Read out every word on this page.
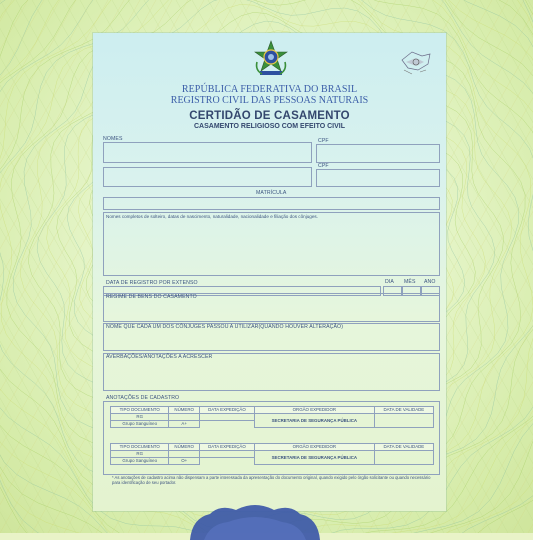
REPÚBLICA FEDERATIVA DO BRASIL
REGISTRO CIVIL DAS PESSOAS NATURAIS
CERTIDÃO DE CASAMENTO
CASAMENTO RELIGIOSO COM EFEITO CIVIL
NOMES	CPF
CPF
MATRÍCULA
Nomes completos de solteiro, datas de nascimento, naturalidade, nacionalidade e filiação dos cônjuges.
DATA DE REGISTRO POR EXTENSO	DIA MÊS ANO
REGIME DE BENS DO CASAMENTO
NOME QUE CADA UM DOS CÔNJUGES PASSOU A UTILIZAR(QUANDO HOUVER ALTERAÇÃO)
AVERBAÇÕES/ANOTAÇÕES A ACRESCER
ANOTAÇÕES DE CADASTRO
TIPO DOCUMENTO	NÚMERO	DATA EXPEDIÇÃO	ORGÃO EXPEDIDOR	DATA DE VALIDADE
RG			SECRETARIA DE SEGURANÇA PÚBLICA	
Grupo Sanguíneo	A+			
TIPO DOCUMENTO	NÚMERO	DATA EXPEDIÇÃO	ORGÃO EXPEDIDOR	DATA DE VALIDADE
RG			SECRETARIA DE SEGURANÇA PÚBLICA	
Grupo Sanguíneo	O+			
* As anotações de cadastro acima não dispensam a parte interessada da apresentação do documento original, quando exigido pelo órgão solicitante ou quando necessário para identificação de seu portador.
